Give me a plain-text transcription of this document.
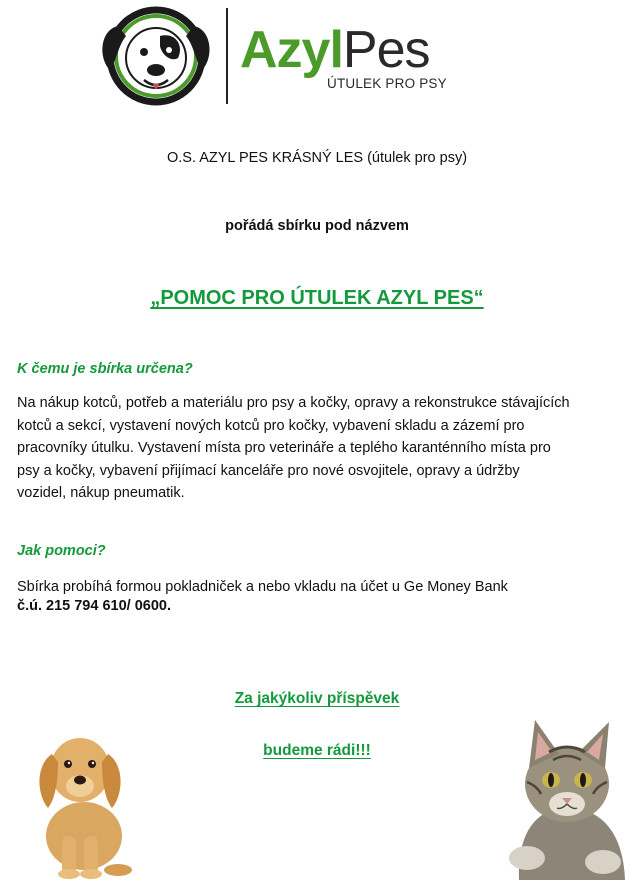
AzylPes
ÚTULEK PRO PSY
O.S. AZYL PES KRÁSNÝ LES (útulek pro psy)
pořádá sbírku pod názvem
„POMOC PRO ÚTULEK AZYL PES“
K čemu je sbírka určena?
Na nákup kotců, potřeb a materiálu pro psy a kočky, opravy a rekonstrukce stávajících
kotců a sekcí, vystavení nových kotců pro kočky, vybavení skladu a zázemí pro
pracovníky útulku. Vystavení místa pro veterináře a teplého karanténního místa pro
psy a kočky, vybavení přijímací kanceláře pro nové osvojitele, opravy a údržby
vozidel, nákup pneumatik.
Jak pomoci?
Sbírka probíhá formou pokladniček a nebo vkladu na účet u Ge Money Bank
č.ú. 215 794 610/ 0600.
Za jakýkoliv příspěvek
budeme rádi!!!
